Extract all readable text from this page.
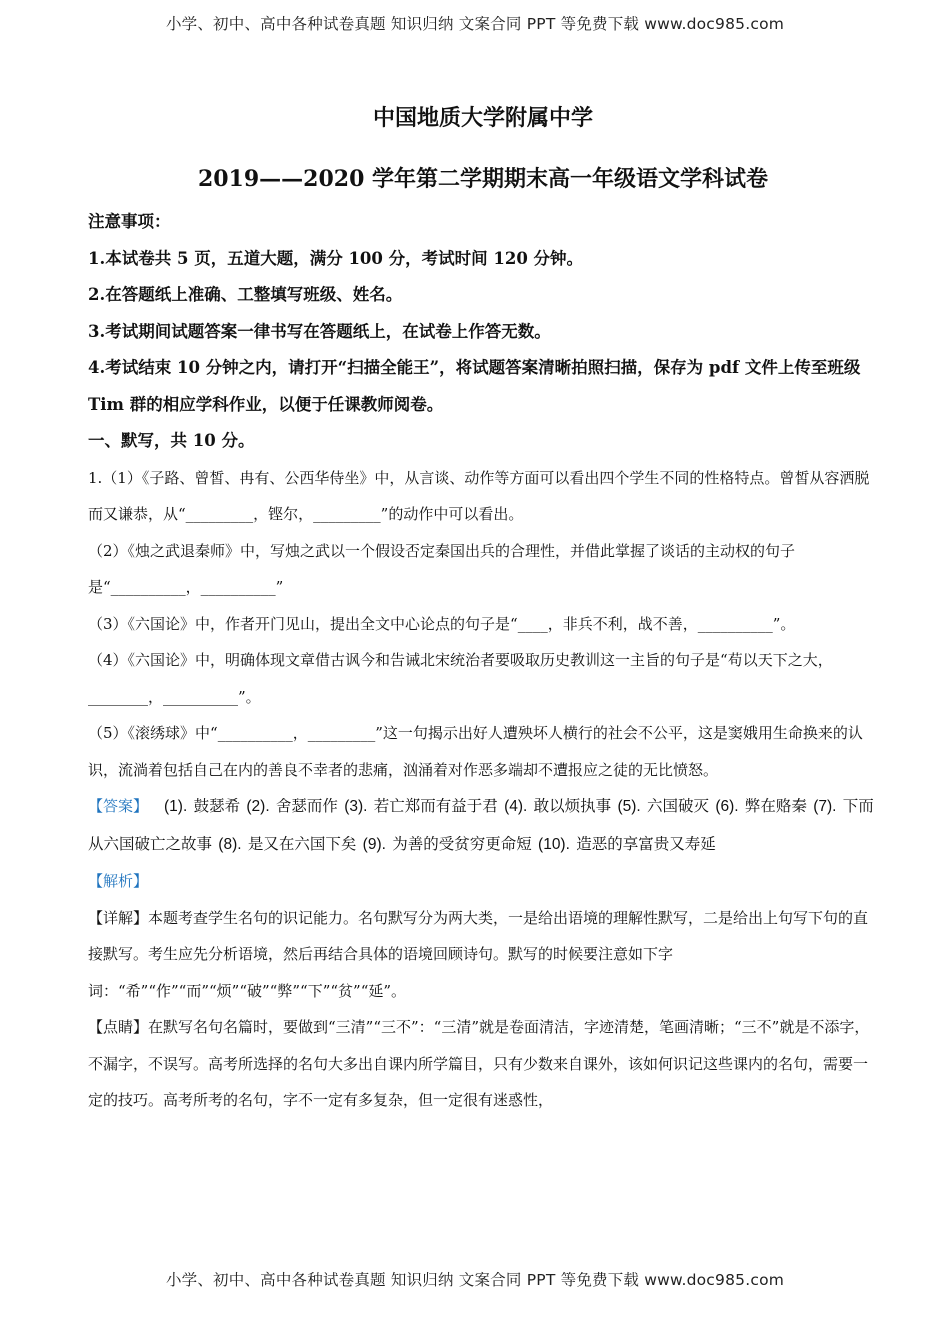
小学、初中、高中各种试卷真题 知识归纳 文案合同 PPT 等免费下载 www.doc985.com
中国地质大学附属中学
2019——2020 学年第二学期期末高一年级语文学科试卷

注意事项：

1.本试卷共 5 页，五道大题，满分 100 分，考试时间 120 分钟。

2.在答题纸上准确、工整填写班级、姓名。

3.考试期间试题答案一律书写在答题纸上，在试卷上作答无数。

4.考试结束 10 分钟之内，请打开“扫描全能王”，将试题答案清晰拍照扫描，保存为 pdf 文件上传至班级 Tim 群的相应学科作业，以便于任课教师阅卷。

一、默写，共 10 分。

1.（1）《子路、曾皙、冉有、公西华侍坐》中，从言谈、动作等方面可以看出四个学生不同的性格特点。曾皙从容洒脱而又谦恭，从“_________，铿尔，_________”的动作中可以看出。

（2）《烛之武退秦师》中，写烛之武以一个假设否定秦国出兵的合理性，并借此掌握了谈话的主动权的句子是“__________，__________”

（3）《六国论》中，作者开门见山，提出全文中心论点的句子是“____，非兵不利，战不善，__________”。

（4）《六国论》中，明确体现文章借古讽今和告诫北宋统治者要吸取历史教训这一主旨的句子是“苟以天下之大，________，__________”。

（5）《滚绣球》中“__________，_________”这一句揭示出好人遭殃坏人横行的社会不公平，这是窦娥用生命换来的认识，流淌着包括自己在内的善良不幸者的悲痛，汹涌着对作恶多端却不遭报应之徒的无比愤怒。

【答案】 (1). 鼓瑟希 (2). 舍瑟而作 (3). 若亡郑而有益于君 (4). 敢以烦执事 (5). 六国破灭 (6). 弊在赂秦 (7). 下而从六国破亡之故事 (8). 是又在六国下矣 (9). 为善的受贫穷更命短 (10). 造恶的享富贵又寿延

【解析】

【详解】本题考查学生名句的识记能力。名句默写分为两大类，一是给出语境的理解性默写，二是给出上句写下句的直接默写。考生应先分析语境，然后再结合具体的语境回顾诗句。默写的时候要注意如下字词：“希”“作”“而”“烦”“破”“弊”“下”“贫”“延”。

【点睛】在默写名句名篇时，要做到“三清”“三不”：“三清”就是卷面清洁，字迹清楚，笔画清晰；“三不”就是不添字，不漏字，不误写。高考所选择的名句大多出自课内所学篇目，只有少数来自课外，该如何识记这些课内的名句，需要一定的技巧。高考所考的名句，字不一定有多复杂，但一定很有迷惑性，

小学、初中、高中各种试卷真题 知识归纳 文案合同 PPT 等免费下载 www.doc985.com
